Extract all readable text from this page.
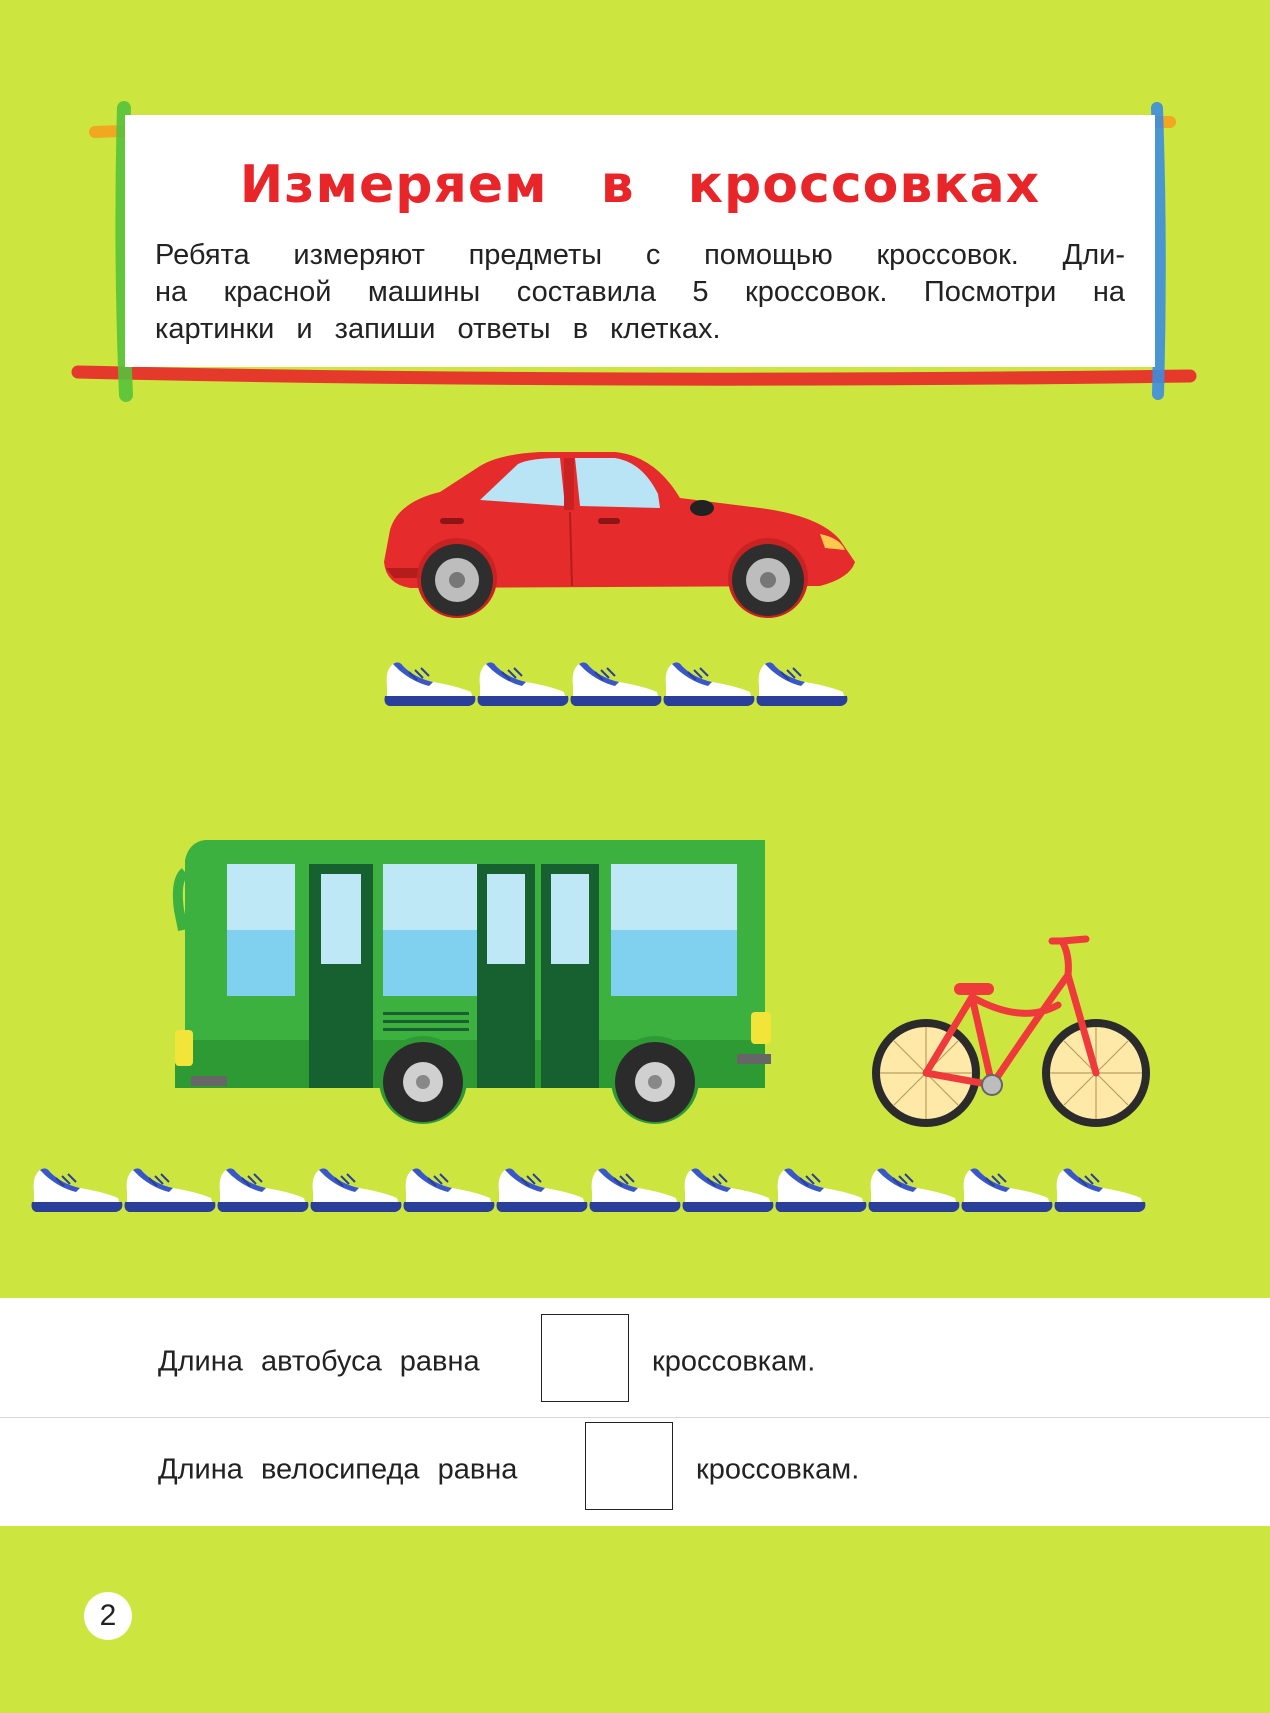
Измеряем в кроссовках
Ребята измеряют предметы с помощью кроссовок. Дли-
на красной машины составила 5 кроссовок. Посмотри на
картинки и запиши ответы в клетках.
Длина автобуса равна	кроссовкам.
Длина велосипеда равна	кроссовкам.
2
